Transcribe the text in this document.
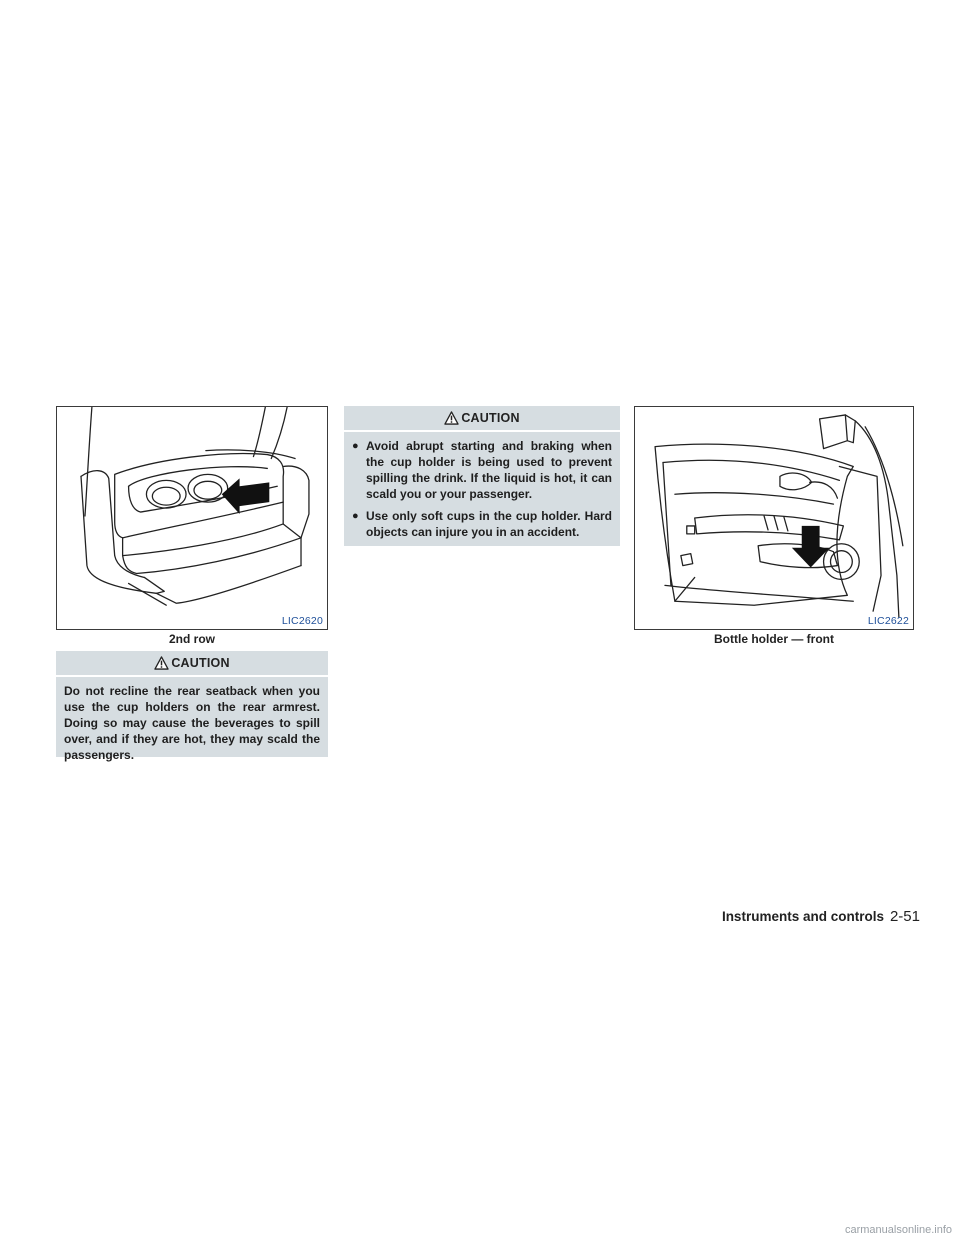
LIC2620
2nd row
CAUTION

Do not recline the rear seatback when you use the cup holders on the rear armrest. Doing so may cause the beverages to spill over, and if they are hot, they may scald the passengers.

CAUTION
● Avoid abrupt starting and braking when the cup holder is being used to prevent spilling the drink. If the liquid is hot, it can scald you or your passenger.
● Use only soft cups in the cup holder. Hard objects can injure you in an accident.
LIC2622
Bottle holder — front
Instruments and controls 2-51
carmanualsonline.info
